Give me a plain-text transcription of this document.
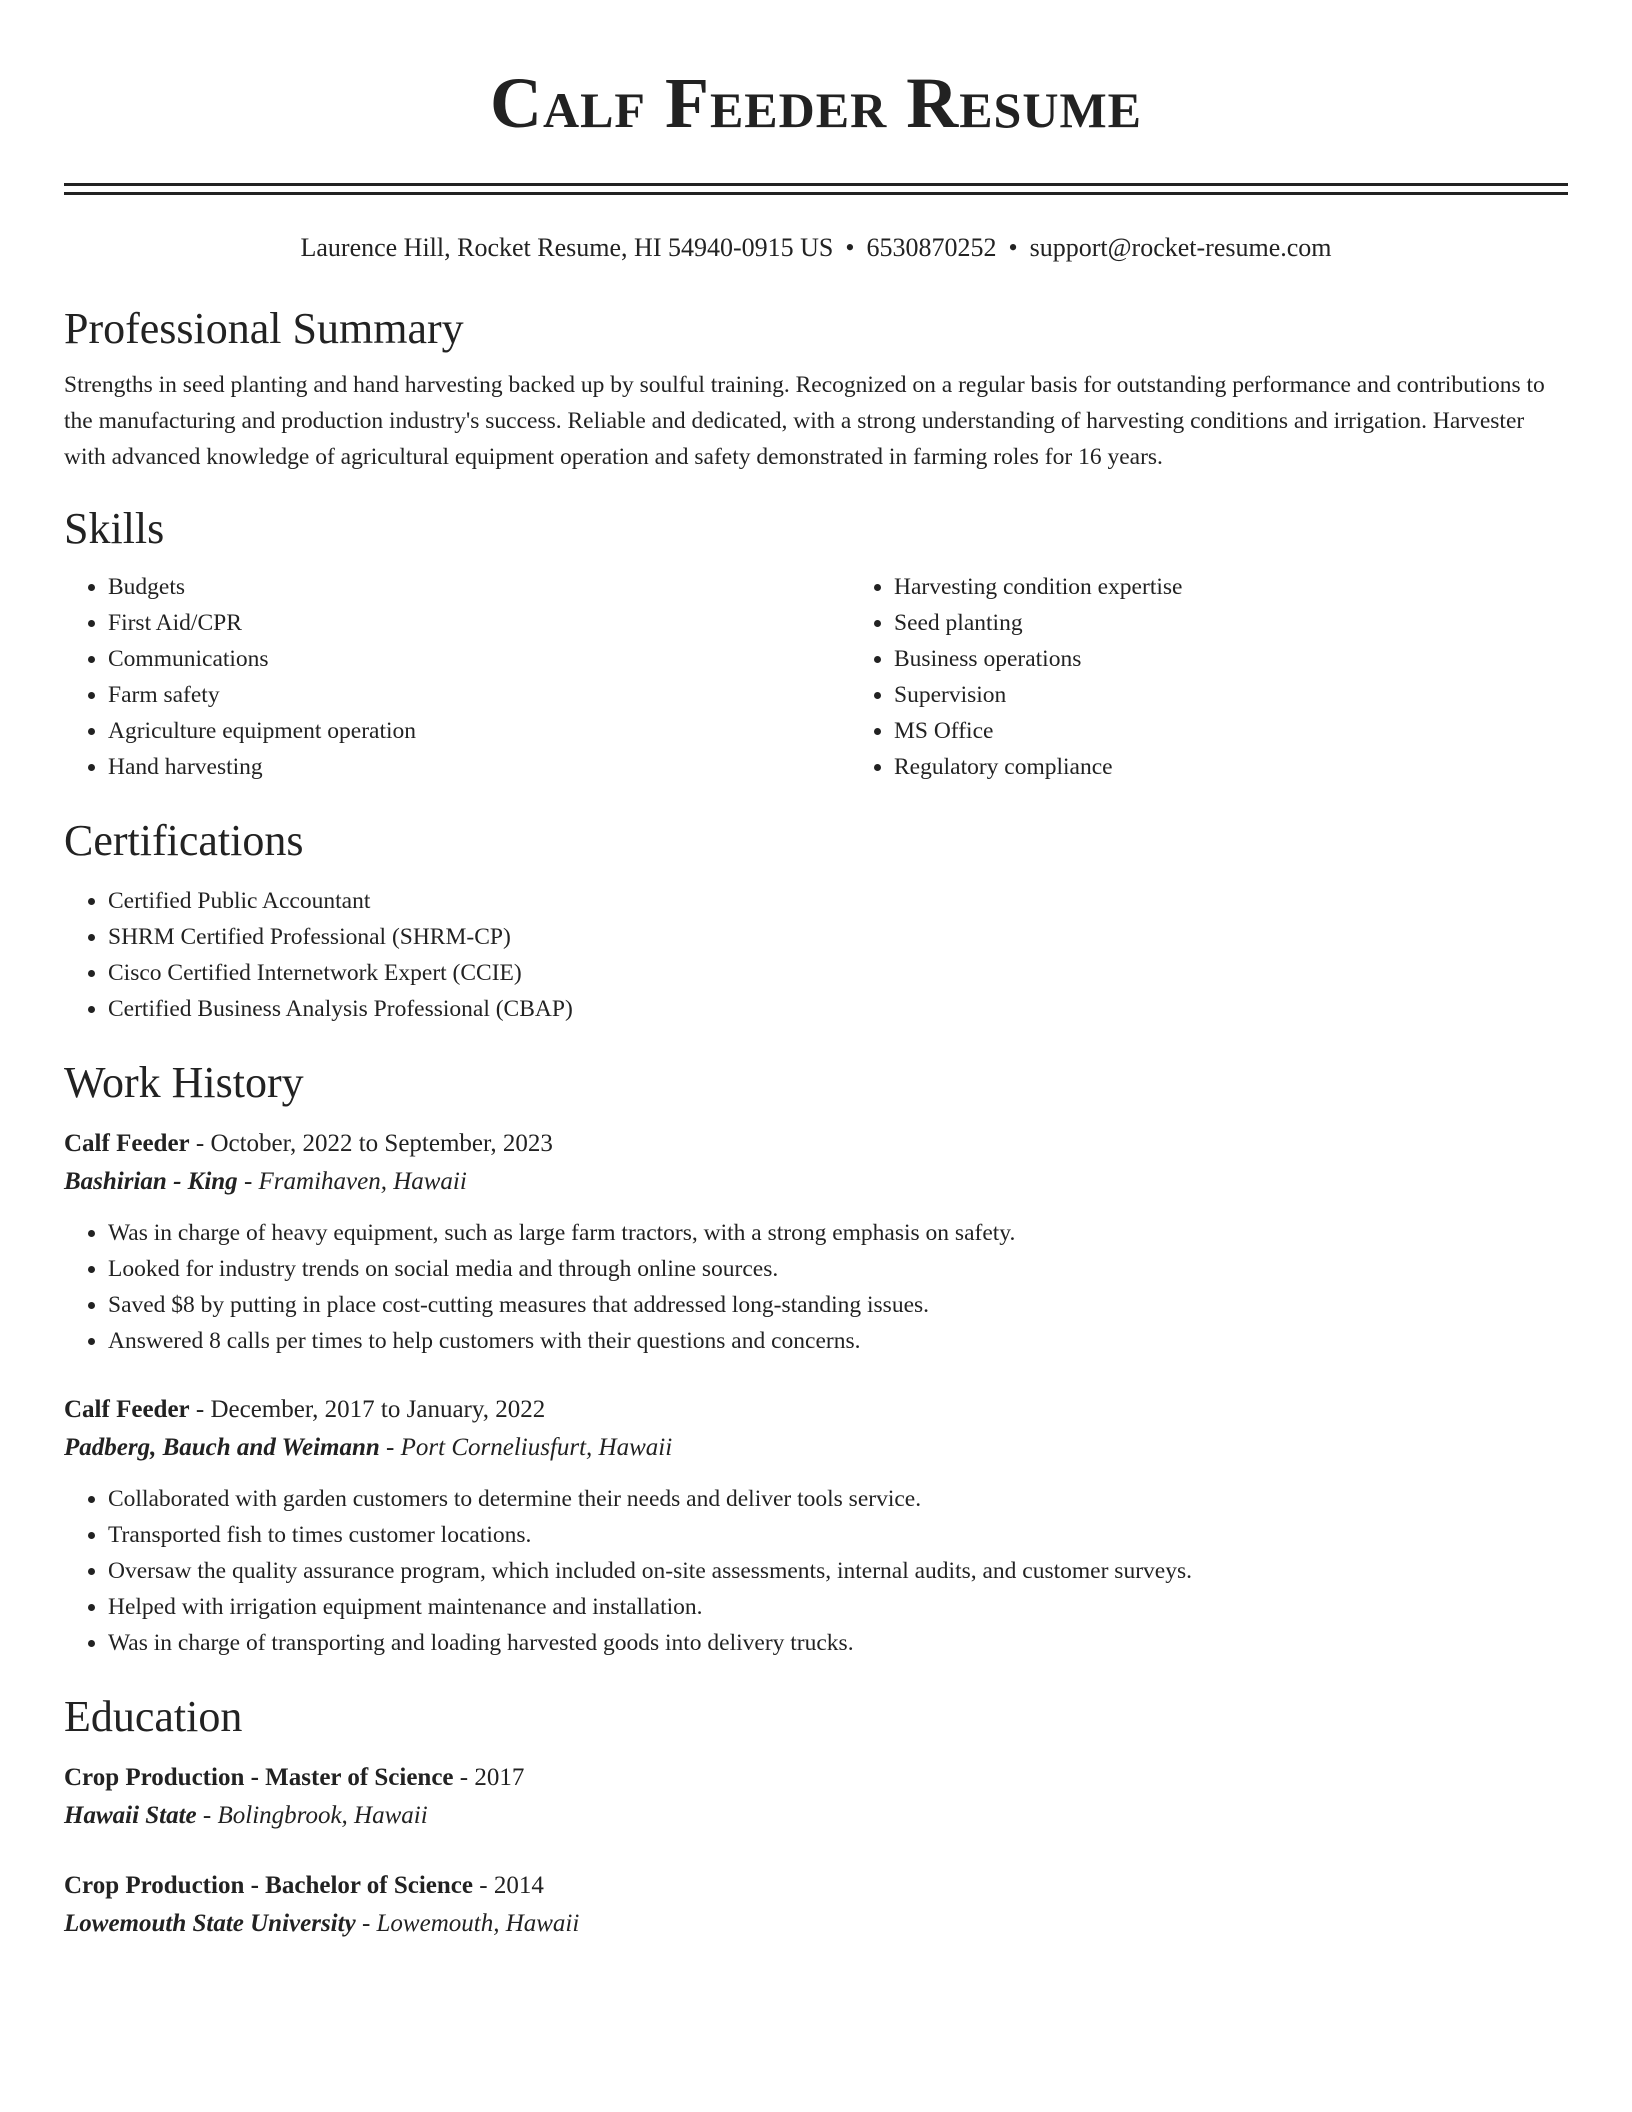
Calf Feeder Resume
Laurence Hill, Rocket Resume, HI 54940-0915 US • 6530870252 • support@rocket-resume.com
Professional Summary

Strengths in seed planting and hand harvesting backed up by soulful training. Recognized on a regular basis for outstanding performance and contributions to the manufacturing and production industry's success. Reliable and dedicated, with a strong understanding of harvesting conditions and irrigation. Harvester with advanced knowledge of agricultural equipment operation and safety demonstrated in farming roles for 16 years.

Skills
• Budgets
• First Aid/CPR
• Communications
• Farm safety
• Agriculture equipment operation
• Hand harvesting
• Harvesting condition expertise
• Seed planting
• Business operations
• Supervision
• MS Office
• Regulatory compliance
Certifications
• Certified Public Accountant
• SHRM Certified Professional (SHRM-CP)
• Cisco Certified Internetwork Expert (CCIE)
• Certified Business Analysis Professional (CBAP)
Work History
Calf Feeder - October, 2022 to September, 2023
Bashirian - King - Framihaven, Hawaii
• Was in charge of heavy equipment, such as large farm tractors, with a strong emphasis on safety.
• Looked for industry trends on social media and through online sources.
• Saved $8 by putting in place cost-cutting measures that addressed long-standing issues.
• Answered 8 calls per times to help customers with their questions and concerns.
Calf Feeder - December, 2017 to January, 2022
Padberg, Bauch and Weimann - Port Corneliusfurt, Hawaii
• Collaborated with garden customers to determine their needs and deliver tools service.
• Transported fish to times customer locations.
• Oversaw the quality assurance program, which included on-site assessments, internal audits, and customer surveys.
• Helped with irrigation equipment maintenance and installation.
• Was in charge of transporting and loading harvested goods into delivery trucks.
Education
Crop Production - Master of Science - 2017
Hawaii State - Bolingbrook, Hawaii
Crop Production - Bachelor of Science - 2014
Lowemouth State University - Lowemouth, Hawaii
